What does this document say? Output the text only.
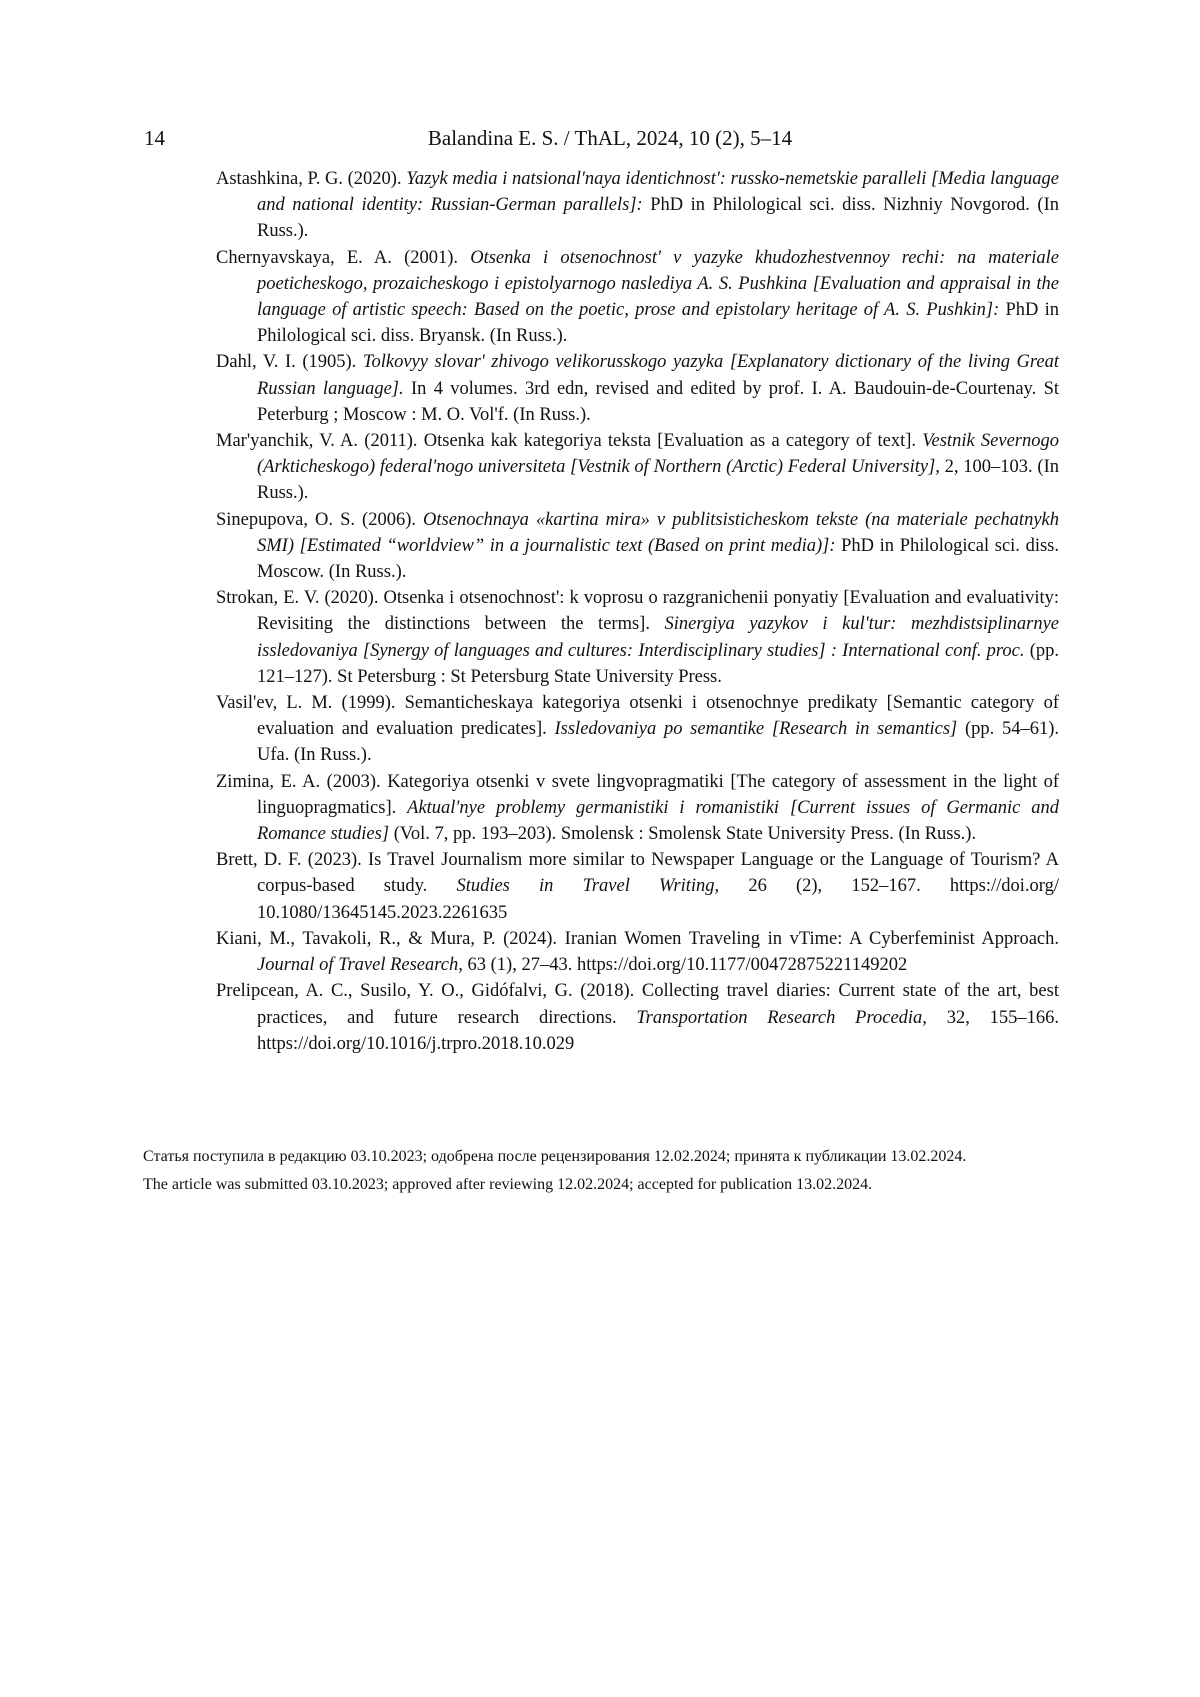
14	Balandina E. S. / ThAL, 2024, 10 (2), 5–14

Astashkina, P. G. (2020). Yazyk media i natsional'naya identichnost': russko-nemetskie paralleli [Media language and national identity: Russian-German parallels]: PhD in Philological sci. diss. Nizhniy Novgorod. (In Russ.).

Chernyavskaya, E. A. (2001). Otsenka i otsenochnost' v yazyke khudozhestvennoy rechi: na materiale poeticheskogo, prozaicheskogo i epistolyarnogo naslediya A. S. Pushkina [Evaluation and appraisal in the language of artistic speech: Based on the poetic, prose and epistolary heritage of A. S. Pushkin]: PhD in Philological sci. diss. Bryansk. (In Russ.).

Dahl, V. I. (1905). Tolkovyy slovar' zhivogo velikorusskogo yazyka [Explanatory dictionary of the living Great Russian language]. In 4 volumes. 3rd edn, revised and edited by prof. I. A. Baudouin-de-Courtenay. St Peterburg ; Moscow : M. O. Vol'f. (In Russ.).

Mar'yanchik, V. A. (2011). Otsenka kak kategoriya teksta [Evaluation as a category of text]. Vestnik Severnogo (Arkticheskogo) federal'nogo universiteta [Vestnik of Northern (Arctic) Federal University], 2, 100–103. (In Russ.).

Sinepupova, O. S. (2006). Otsenochnaya «kartina mira» v publitsisticheskom tekste (na materiale pechatnykh SMI) [Estimated “worldview” in a journalistic text (Based on print media)]: PhD in Philological sci. diss. Moscow. (In Russ.).

Strokan, E. V. (2020). Otsenka i otsenochnost': k voprosu o razgranichenii ponyatiy [Evaluation and evaluativity: Revisiting the distinctions between the terms]. Sinergiya yazykov i kul'tur: mezhdistsiplinarnye issledovaniya [Synergy of languages and cultures: Interdisciplinary studies] : International conf. proc. (pp. 121–127). St Petersburg : St Petersburg State University Press.

Vasil'ev, L. M. (1999). Semanticheskaya kategoriya otsenki i otsenochnye predikaty [Semantic category of evaluation and evaluation predicates]. Issledovaniya po semantike [Research in semantics] (pp. 54–61). Ufa. (In Russ.).

Zimina, E. A. (2003). Kategoriya otsenki v svete lingvopragmatiki [The category of assessment in the light of linguopragmatics]. Aktual'nye problemy germanistiki i romanistiki [Current issues of Germanic and Romance studies] (Vol. 7, pp. 193–203). Smolensk : Smolensk State University Press. (In Russ.).

Brett, D. F. (2023). Is Travel Journalism more similar to Newspaper Language or the Language of Tourism? A corpus-based study. Studies in Travel Writing, 26 (2), 152–167. https://doi.org/ 10.1080/13645145.2023.2261635

Kiani, M., Tavakoli, R., & Mura, P. (2024). Iranian Women Traveling in vTime: A Cyberfeminist Approach. Journal of Travel Research, 63 (1), 27–43. https://doi.org/10.1177/00472875221149202

Prelipcean, A. C., Susilo, Y. O., Gidófalvi, G. (2018). Collecting travel diaries: Current state of the art, best practices, and future research directions. Transportation Research Procedia, 32, 155–166. https://doi.org/10.1016/j.trpro.2018.10.029

Статья поступила в редакцию 03.10.2023; одобрена после рецензирования 12.02.2024; принята к публикации 13.02.2024.
The article was submitted 03.10.2023; approved after reviewing 12.02.2024; accepted for publication 13.02.2024.
